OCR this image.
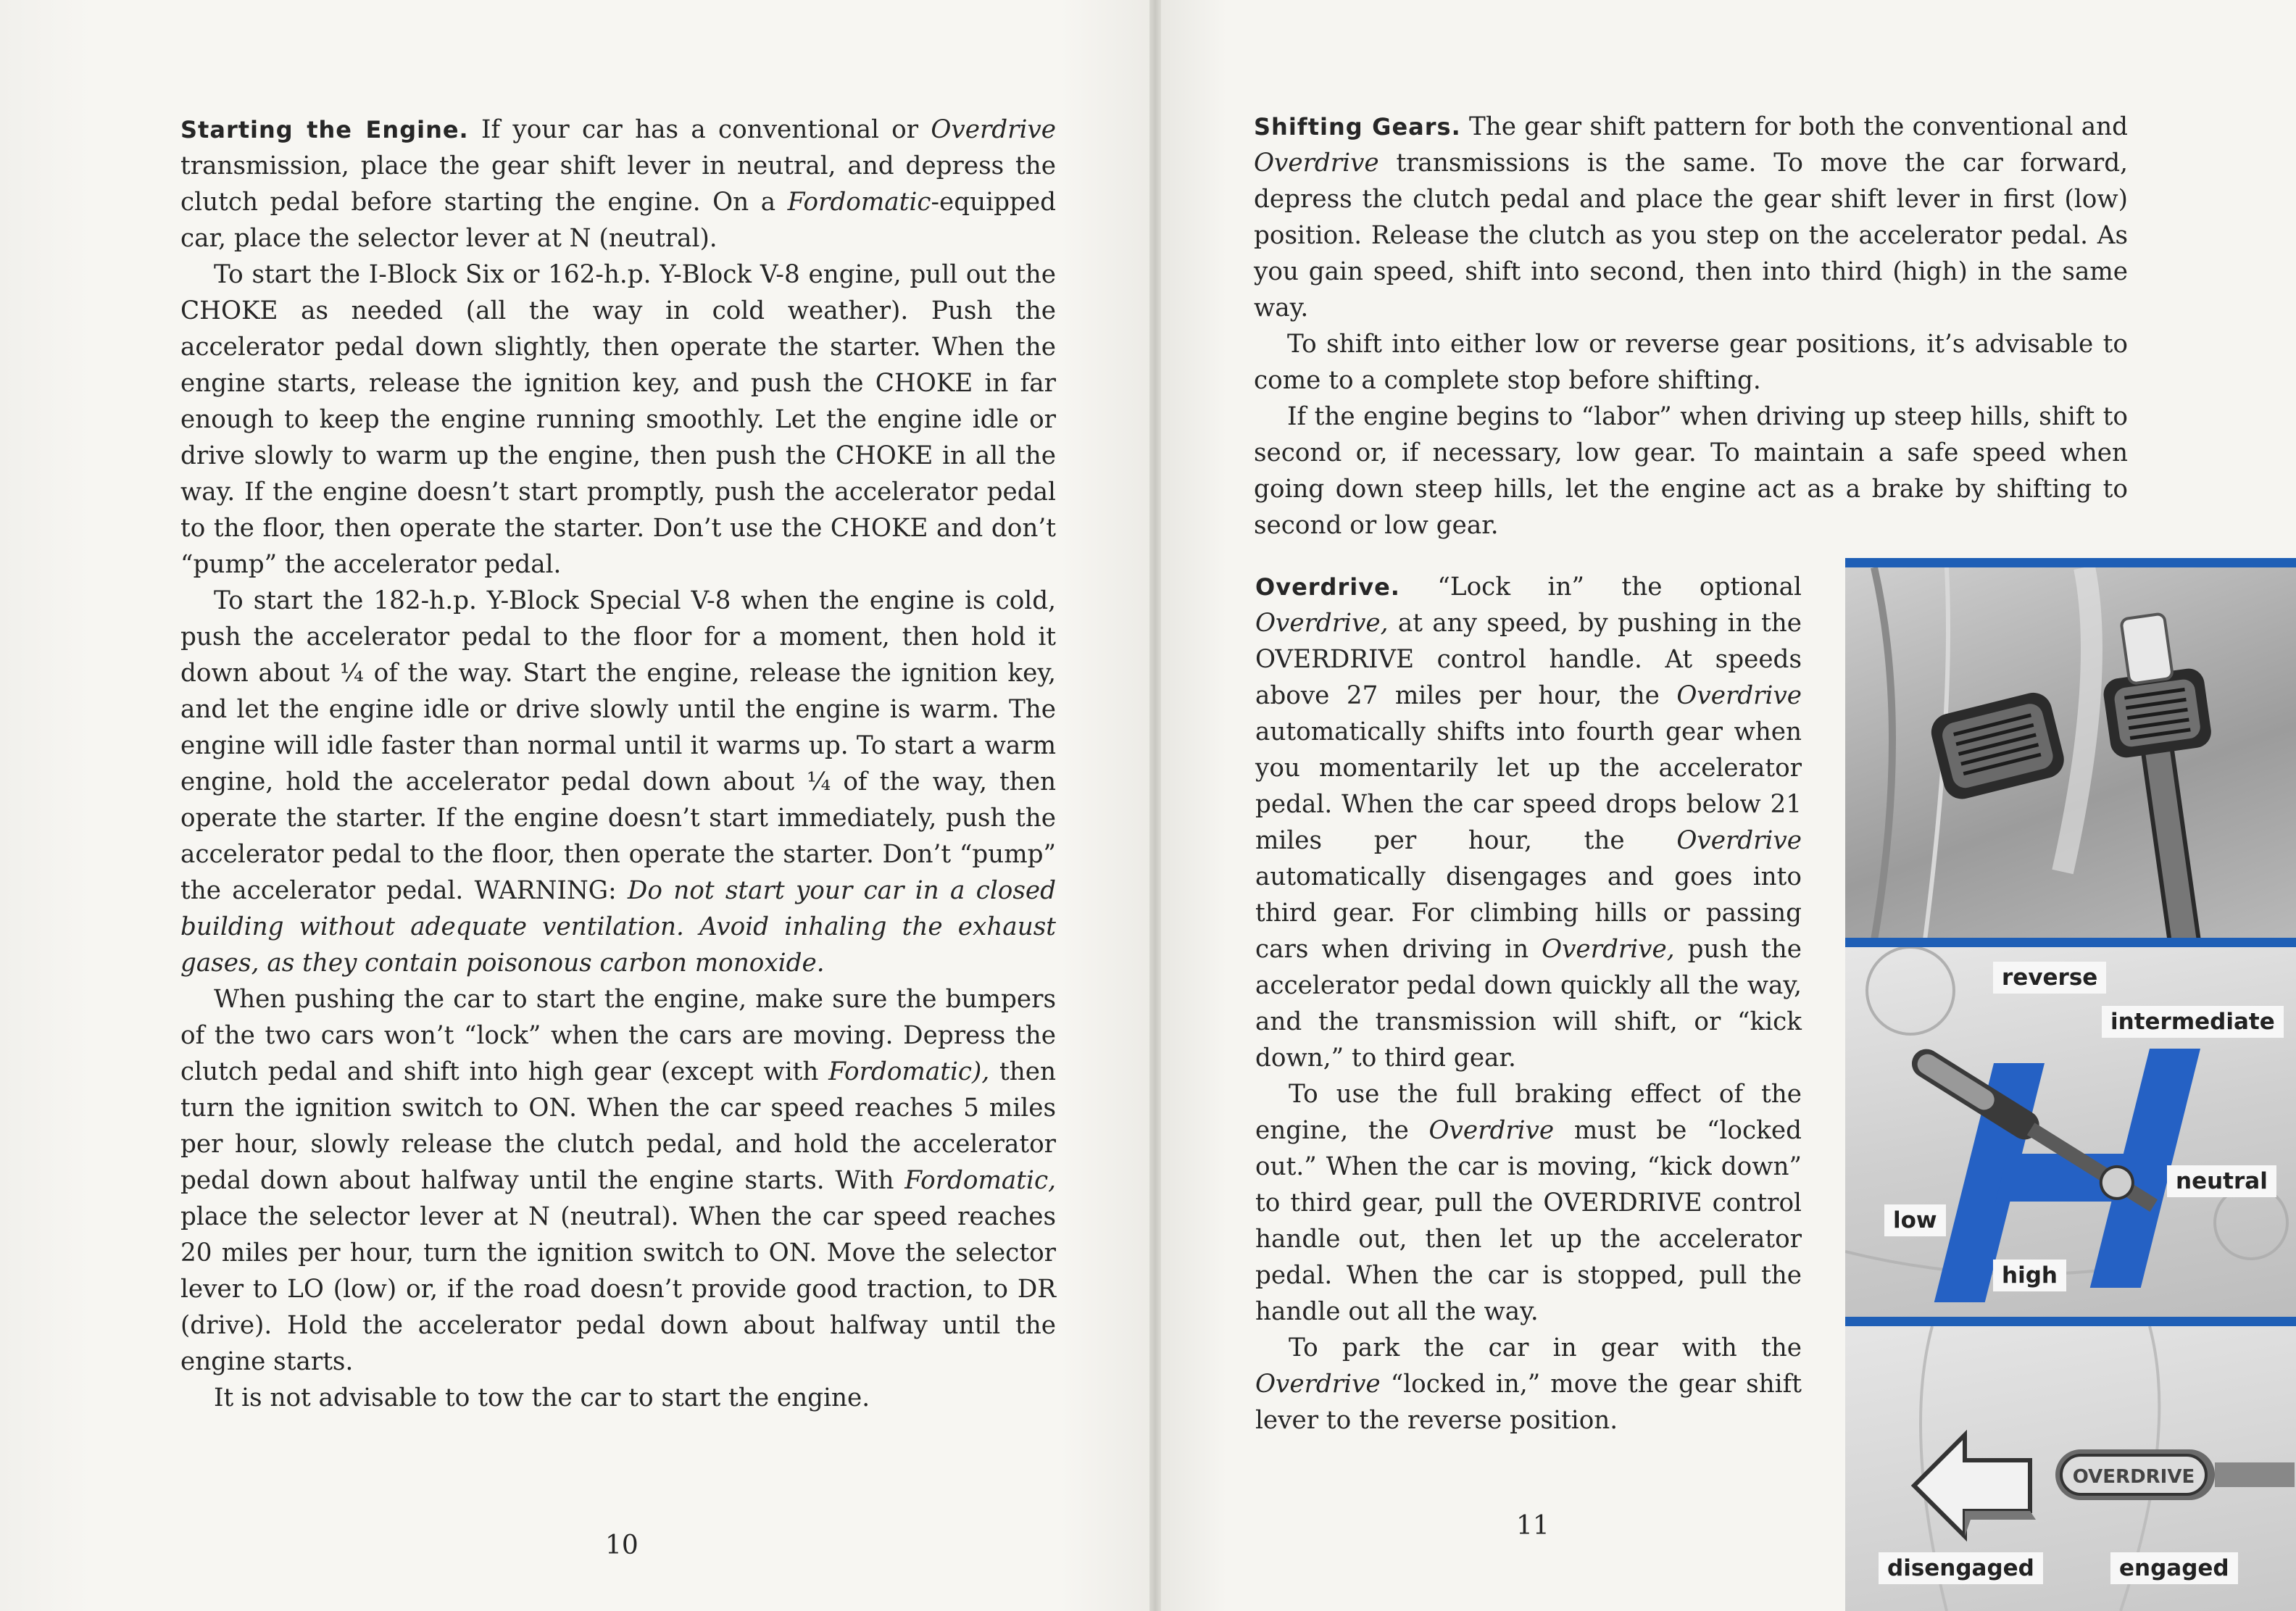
Starting the Engine. If your car has a conventional or Overdrive transmission, place the gear shift lever in neutral, and depress the clutch pedal before starting the engine. On a Fordomatic-equipped car, place the selector lever at N (neutral).

To start the I-Block Six or 162-h.p. Y-Block V-8 engine, pull out the CHOKE as needed (all the way in cold weather). Push the accelerator pedal down slightly, then operate the starter. When the engine starts, release the ignition key, and push the CHOKE in far enough to keep the engine running smoothly. Let the engine idle or drive slowly to warm up the engine, then push the CHOKE in all the way. If the engine doesn’t start promptly, push the accelerator pedal to the floor, then operate the starter. Don’t use the CHOKE and don’t “pump” the accelerator pedal.

To start the 182-h.p. Y-Block Special V-8 when the engine is cold, push the accelerator pedal to the floor for a moment, then hold it down about ¼ of the way. Start the engine, release the ignition key, and let the engine idle or drive slowly until the engine is warm. The engine will idle faster than normal until it warms up. To start a warm engine, hold the accelerator pedal down about ¼ of the way, then operate the starter. If the engine doesn’t start immediately, push the accelerator pedal to the floor, then operate the starter. Don’t “pump” the accelerator pedal. WARNING: Do not start your car in a closed building without adequate ventilation. Avoid inhaling the exhaust gases, as they contain poisonous carbon monoxide.

When pushing the car to start the engine, make sure the bumpers of the two cars won’t “lock” when the cars are moving. Depress the clutch pedal and shift into high gear (except with Fordomatic), then turn the ignition switch to ON. When the car speed reaches 5 miles per hour, slowly release the clutch pedal, and hold the accelerator pedal down about halfway until the engine starts. With Fordomatic, place the selector lever at N (neutral). When the car speed reaches 20 miles per hour, turn the ignition switch to ON. Move the selector lever to LO (low) or, if the road doesn’t provide good traction, to DR (drive). Hold the accelerator pedal down about halfway until the engine starts.

It is not advisable to tow the car to start the engine.

10

Shifting Gears. The gear shift pattern for both the conventional and Overdrive transmissions is the same. To move the car forward, depress the clutch pedal and place the gear shift lever in first (low) position. Release the clutch as you step on the accelerator pedal. As you gain speed, shift into second, then into third (high) in the same way.

To shift into either low or reverse gear positions, it’s advisable to come to a complete stop before shifting.

If the engine begins to “labor” when driving up steep hills, shift to second or, if necessary, low gear. To maintain a safe speed when going down steep hills, let the engine act as a brake by shifting to second or low gear.

Overdrive. “Lock in” the optional Overdrive, at any speed, by pushing in the OVERDRIVE control handle. At speeds above 27 miles per hour, the Overdrive automatically shifts into fourth gear when you momentarily let up the accelerator pedal. When the car speed drops below 21 miles per hour, the Overdrive automatically disengages and goes into third gear. For climbing hills or passing cars when driving in Overdrive, push the accelerator pedal down quickly all the way, and the transmission will shift, or “kick down,” to third gear.

To use the full braking effect of the engine, the Overdrive must be “locked out.” When the car is moving, “kick down” to third gear, pull the OVERDRIVE control handle out, then let up the accelerator pedal. When the car is stopped, pull the handle out all the way.

To park the car in gear with the Overdrive “locked in,” move the gear shift lever to the reverse position.

11
reverse
intermediate
neutral
low
high
OVERDRIVE
disengaged	engaged
